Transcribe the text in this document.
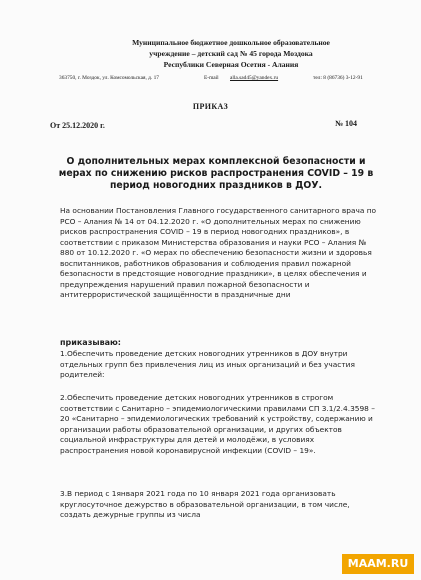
Муниципальное бюджетное дошкольное образовательное
учреждение – детский сад № 45 города Моздока
Республики Северная Осетия - Алания
363750, г. Моздок, ул. Комсомольская, д. 17	E-mail alla.sad45@yandex.ru	тел: 8 (86736) 3-12-91
ПРИКАЗ
От 25.12.2020 г.	№ 104
О дополнительных мерах комплексной безопасности и мерах по снижению рисков распространения COVID – 19 в период новогодних праздников в ДОУ.

На основании Постановления Главного государственного санитарного врача по РСО – Алания № 14 от 04.12.2020 г. «О дополнительных мерах по снижению рисков распространения COVID – 19 в период новогодних праздников», в соответствии с приказом Министерства образования и науки РСО – Алания № 880 от 10.12.2020 г. «О мерах по обеспечению безопасности жизни и здоровья воспитанников, работников образования и соблюдения правил пожарной безопасности в предстоящие новогодние праздники», в целях обеспечения и предупреждения нарушений правил пожарной безопасности и антитеррористической защищённости в праздничные дни

приказываю:

1.Обеспечить проведение детских новогодних утренников в ДОУ внутри отдельных групп без привлечения лиц из иных организаций и без участия родителей:

2.Обеспечить проведение детских новогодних утренников в строгом соответствии с Санитарно – эпидемиологическими правилами СП 3.1/2.4.3598 – 20 «Санитарно – эпидемиологических требований к устройству, содержанию и организации работы образовательной организации, и других объектов социальной инфраструктуры для детей и молодёжи, в условиях распространения новой коронавирусной инфекции (COVID – 19».

3.В период с 1января 2021 года по 10 января 2021 года организовать круглосуточное дежурство в образовательной организации, в том числе, создать дежурные группы из числа

MAAM.RU
